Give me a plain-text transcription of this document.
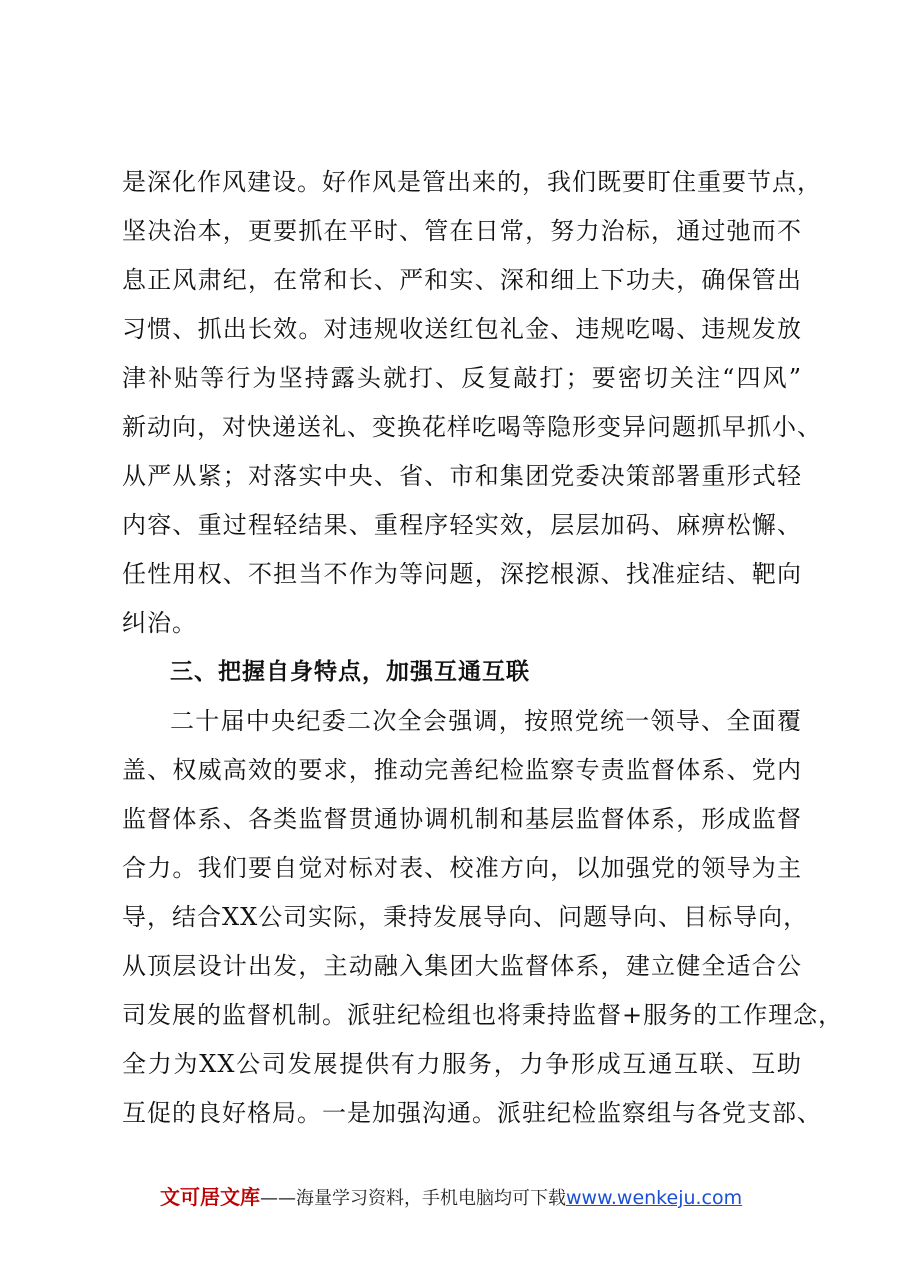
是深化作风建设。好作风是管出来的，我们既要盯住重要节点，
坚决治本，更要抓在平时、管在日常，努力治标，通过弛而不
息正风肃纪，在常和长、严和实、深和细上下功夫，确保管出
习惯、抓出长效。对违规收送红包礼金、违规吃喝、违规发放
津补贴等行为坚持露头就打、反复敲打；要密切关注“四风”
新动向，对快递送礼、变换花样吃喝等隐形变异问题抓早抓小、
从严从紧；对落实中央、省、市和集团党委决策部署重形式轻
内容、重过程轻结果、重程序轻实效，层层加码、麻痹松懈、
任性用权、不担当不作为等问题，深挖根源、找准症结、靶向
纠治。
三、把握自身特点，加强互通互联
二十届中央纪委二次全会强调，按照党统一领导、全面覆
盖、权威高效的要求，推动完善纪检监察专责监督体系、党内
监督体系、各类监督贯通协调机制和基层监督体系，形成监督
合力。我们要自觉对标对表、校准方向，以加强党的领导为主
导，结合XX公司实际，秉持发展导向、问题导向、目标导向，
从顶层设计出发，主动融入集团大监督体系，建立健全适合公
司发展的监督机制。派驻纪检组也将秉持监督+服务的工作理念，
全力为XX公司发展提供有力服务，力争形成互通互联、互助
互促的良好格局。一是加强沟通。派驻纪检监察组与各党支部、
文可居文库——海量学习资料，手机电脑均可下载www.wenkeju.com
